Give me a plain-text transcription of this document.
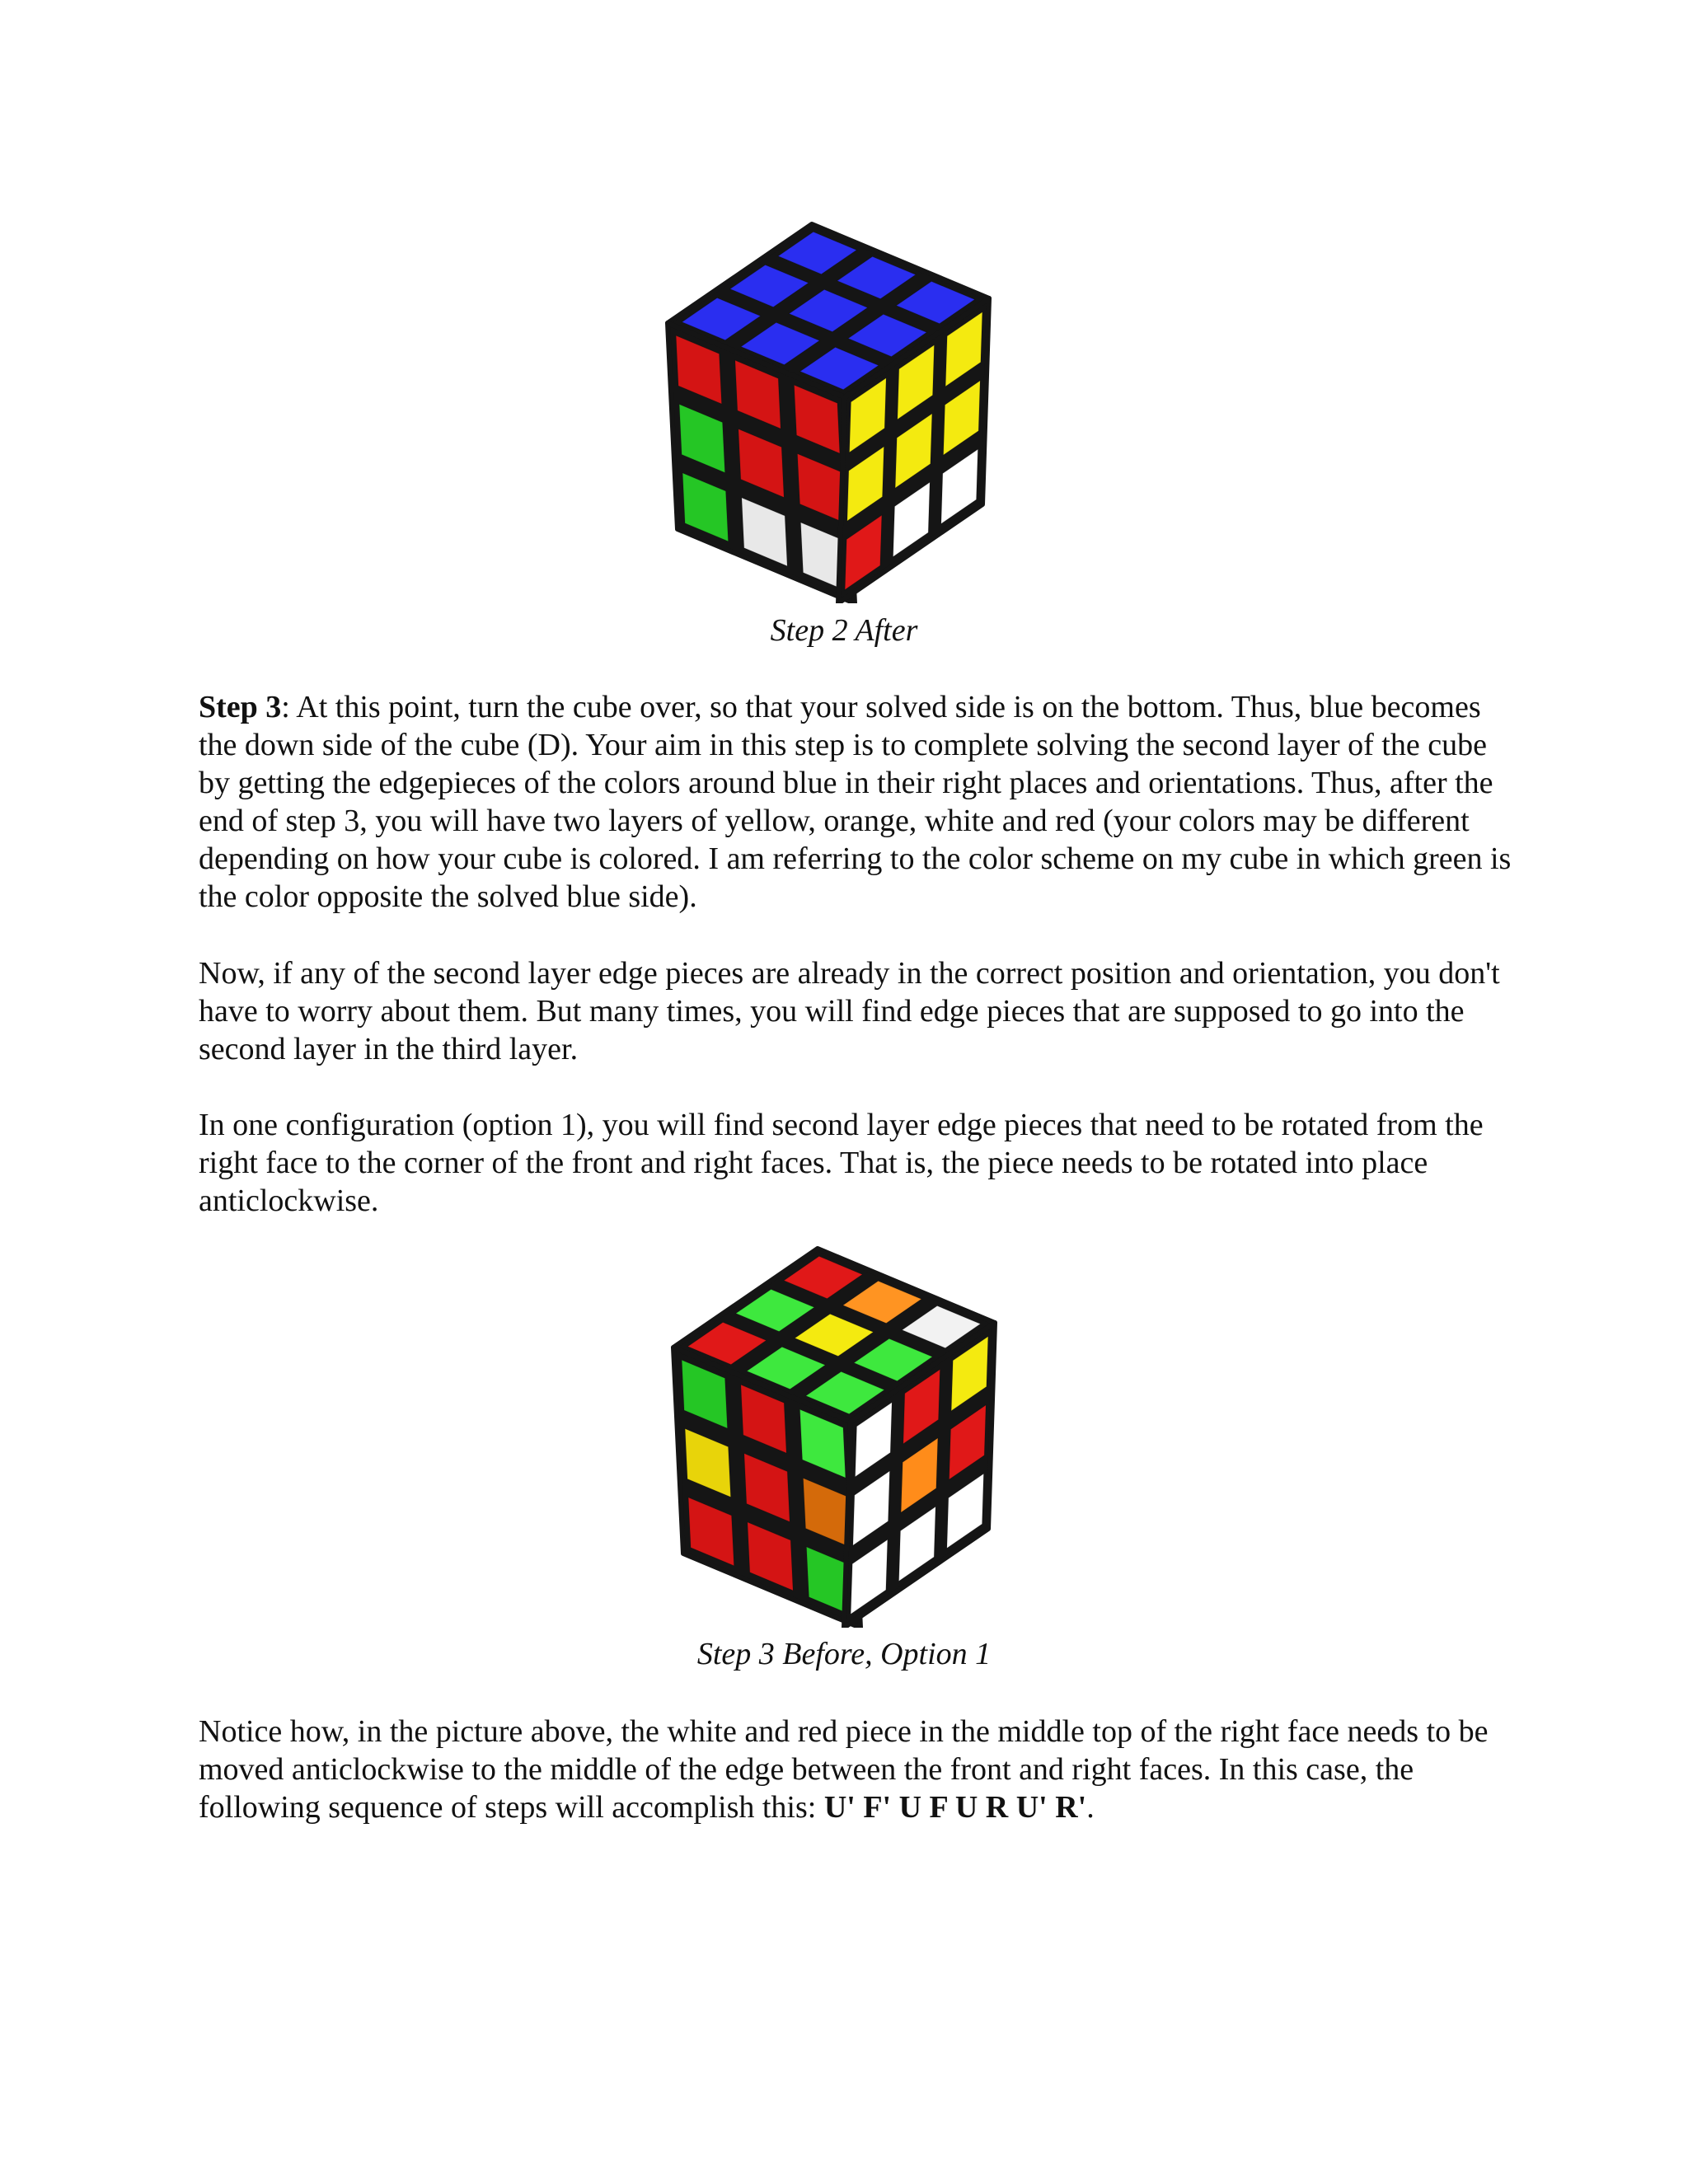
Step 2 After

Step 3: At this point, turn the cube over, so that your solved side is on the bottom. Thus, blue becomes the down side of the cube (D). Your aim in this step is to complete solving the second layer of the cube by getting the edgepieces of the colors around blue in their right places and orientations. Thus, after the end of step 3, you will have two layers of yellow, orange, white and red (your colors may be different depending on how your cube is colored. I am referring to the color scheme on my cube in which green is the color opposite the solved blue side).

Now, if any of the second layer edge pieces are already in the correct position and orientation, you don't have to worry about them. But many times, you will find edge pieces that are supposed to go into the second layer in the third layer.

In one configuration (option 1), you will find second layer edge pieces that need to be rotated from the right face to the corner of the front and right faces. That is, the piece needs to be rotated into place anticlockwise.

Step 3 Before, Option 1

Notice how, in the picture above, the white and red piece in the middle top of the right face needs to be moved anticlockwise to the middle of the edge between the front and right faces. In this case, the following sequence of steps will accomplish this: U' F' U F U R U' R'.
